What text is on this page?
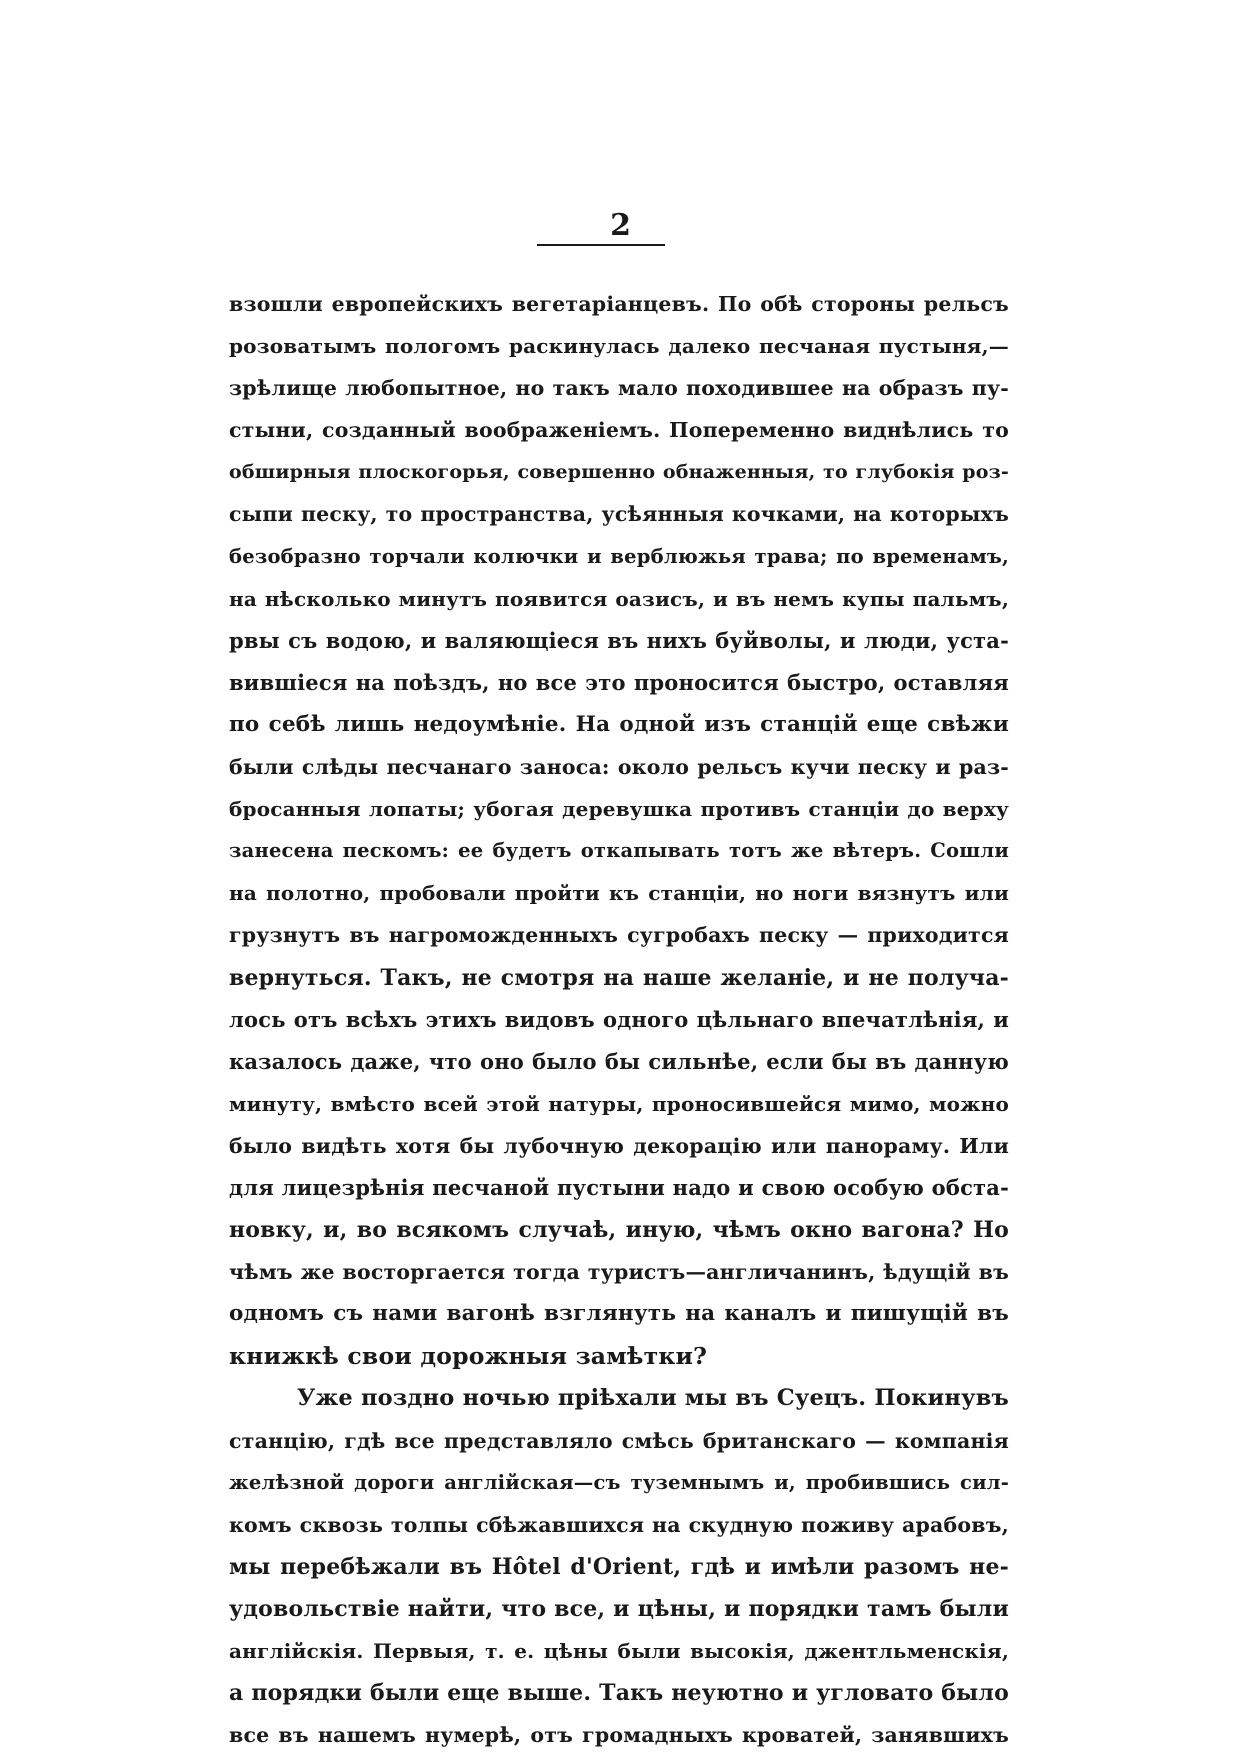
2
взошли европейскихъ вегетаріанцевъ. По обѣ стороны рельсъ
розоватымъ пологомъ раскинулась далеко песчаная пустыня,—
зрѣлище любопытное, но такъ мало походившее на образъ пу-
стыни, созданный воображеніемъ. Попеременно виднѣлись то
обширныя плоскогорья, совершенно обнаженныя, то глубокія роз-
сыпи песку, то пространства, усѣянныя кочками, на которыхъ
безобразно торчали колючки и верблюжья трава; по временамъ,
на нѣсколько минутъ появится оазисъ, и въ немъ купы пальмъ,
рвы съ водою, и валяющіеся въ нихъ буйволы, и люди, уста-
вившіеся на поѣздъ, но все это проносится быстро, оставляя
по себѣ лишь недоумѣніе. На одной изъ станцій еще свѣжи
были слѣды песчанаго заноса: около рельсъ кучи песку и раз-
бросанныя лопаты; убогая деревушка противъ станціи до верху
занесена пескомъ: ее будетъ откапывать тотъ же вѣтеръ. Сошли
на полотно, пробовали пройти къ станціи, но ноги вязнутъ или
грузнутъ въ нагроможденныхъ сугробахъ песку — приходится
вернуться. Такъ, не смотря на наше желаніе, и не получа-
лось отъ всѣхъ этихъ видовъ одного цѣльнаго впечатлѣнія, и
казалось даже, что оно было бы сильнѣе, если бы въ данную
минуту, вмѣсто всей этой натуры, проносившейся мимо, можно
было видѣть хотя бы лубочную декорацію или панораму. Или
для лицезрѣнія песчаной пустыни надо и свою особую обста-
новку, и, во всякомъ случаѣ, иную, чѣмъ окно вагона? Но
чѣмъ же восторгается тогда туристъ—англичанинъ, ѣдущій въ
одномъ съ нами вагонѣ взглянуть на каналъ и пишущій въ
книжкѣ свои дорожныя замѣтки?
Уже поздно ночью пріѣхали мы въ Суецъ. Покинувъ
станцію, гдѣ все представляло смѣсь британскаго — компанія
желѣзной дороги англійская—съ туземнымъ и, пробившись сил-
комъ сквозь толпы сбѣжавшихся на скудную поживу арабовъ,
мы перебѣжали въ Hôtel d'Orient, гдѣ и имѣли разомъ не-
удовольствіе найти, что все, и цѣны, и порядки тамъ были
англійскія. Первыя, т. е. цѣны были высокія, джентльменскія,
а порядки были еще выше. Такъ неуютно и угловато было
все въ нашемъ нумерѣ, отъ громадныхъ кроватей, занявшихъ
